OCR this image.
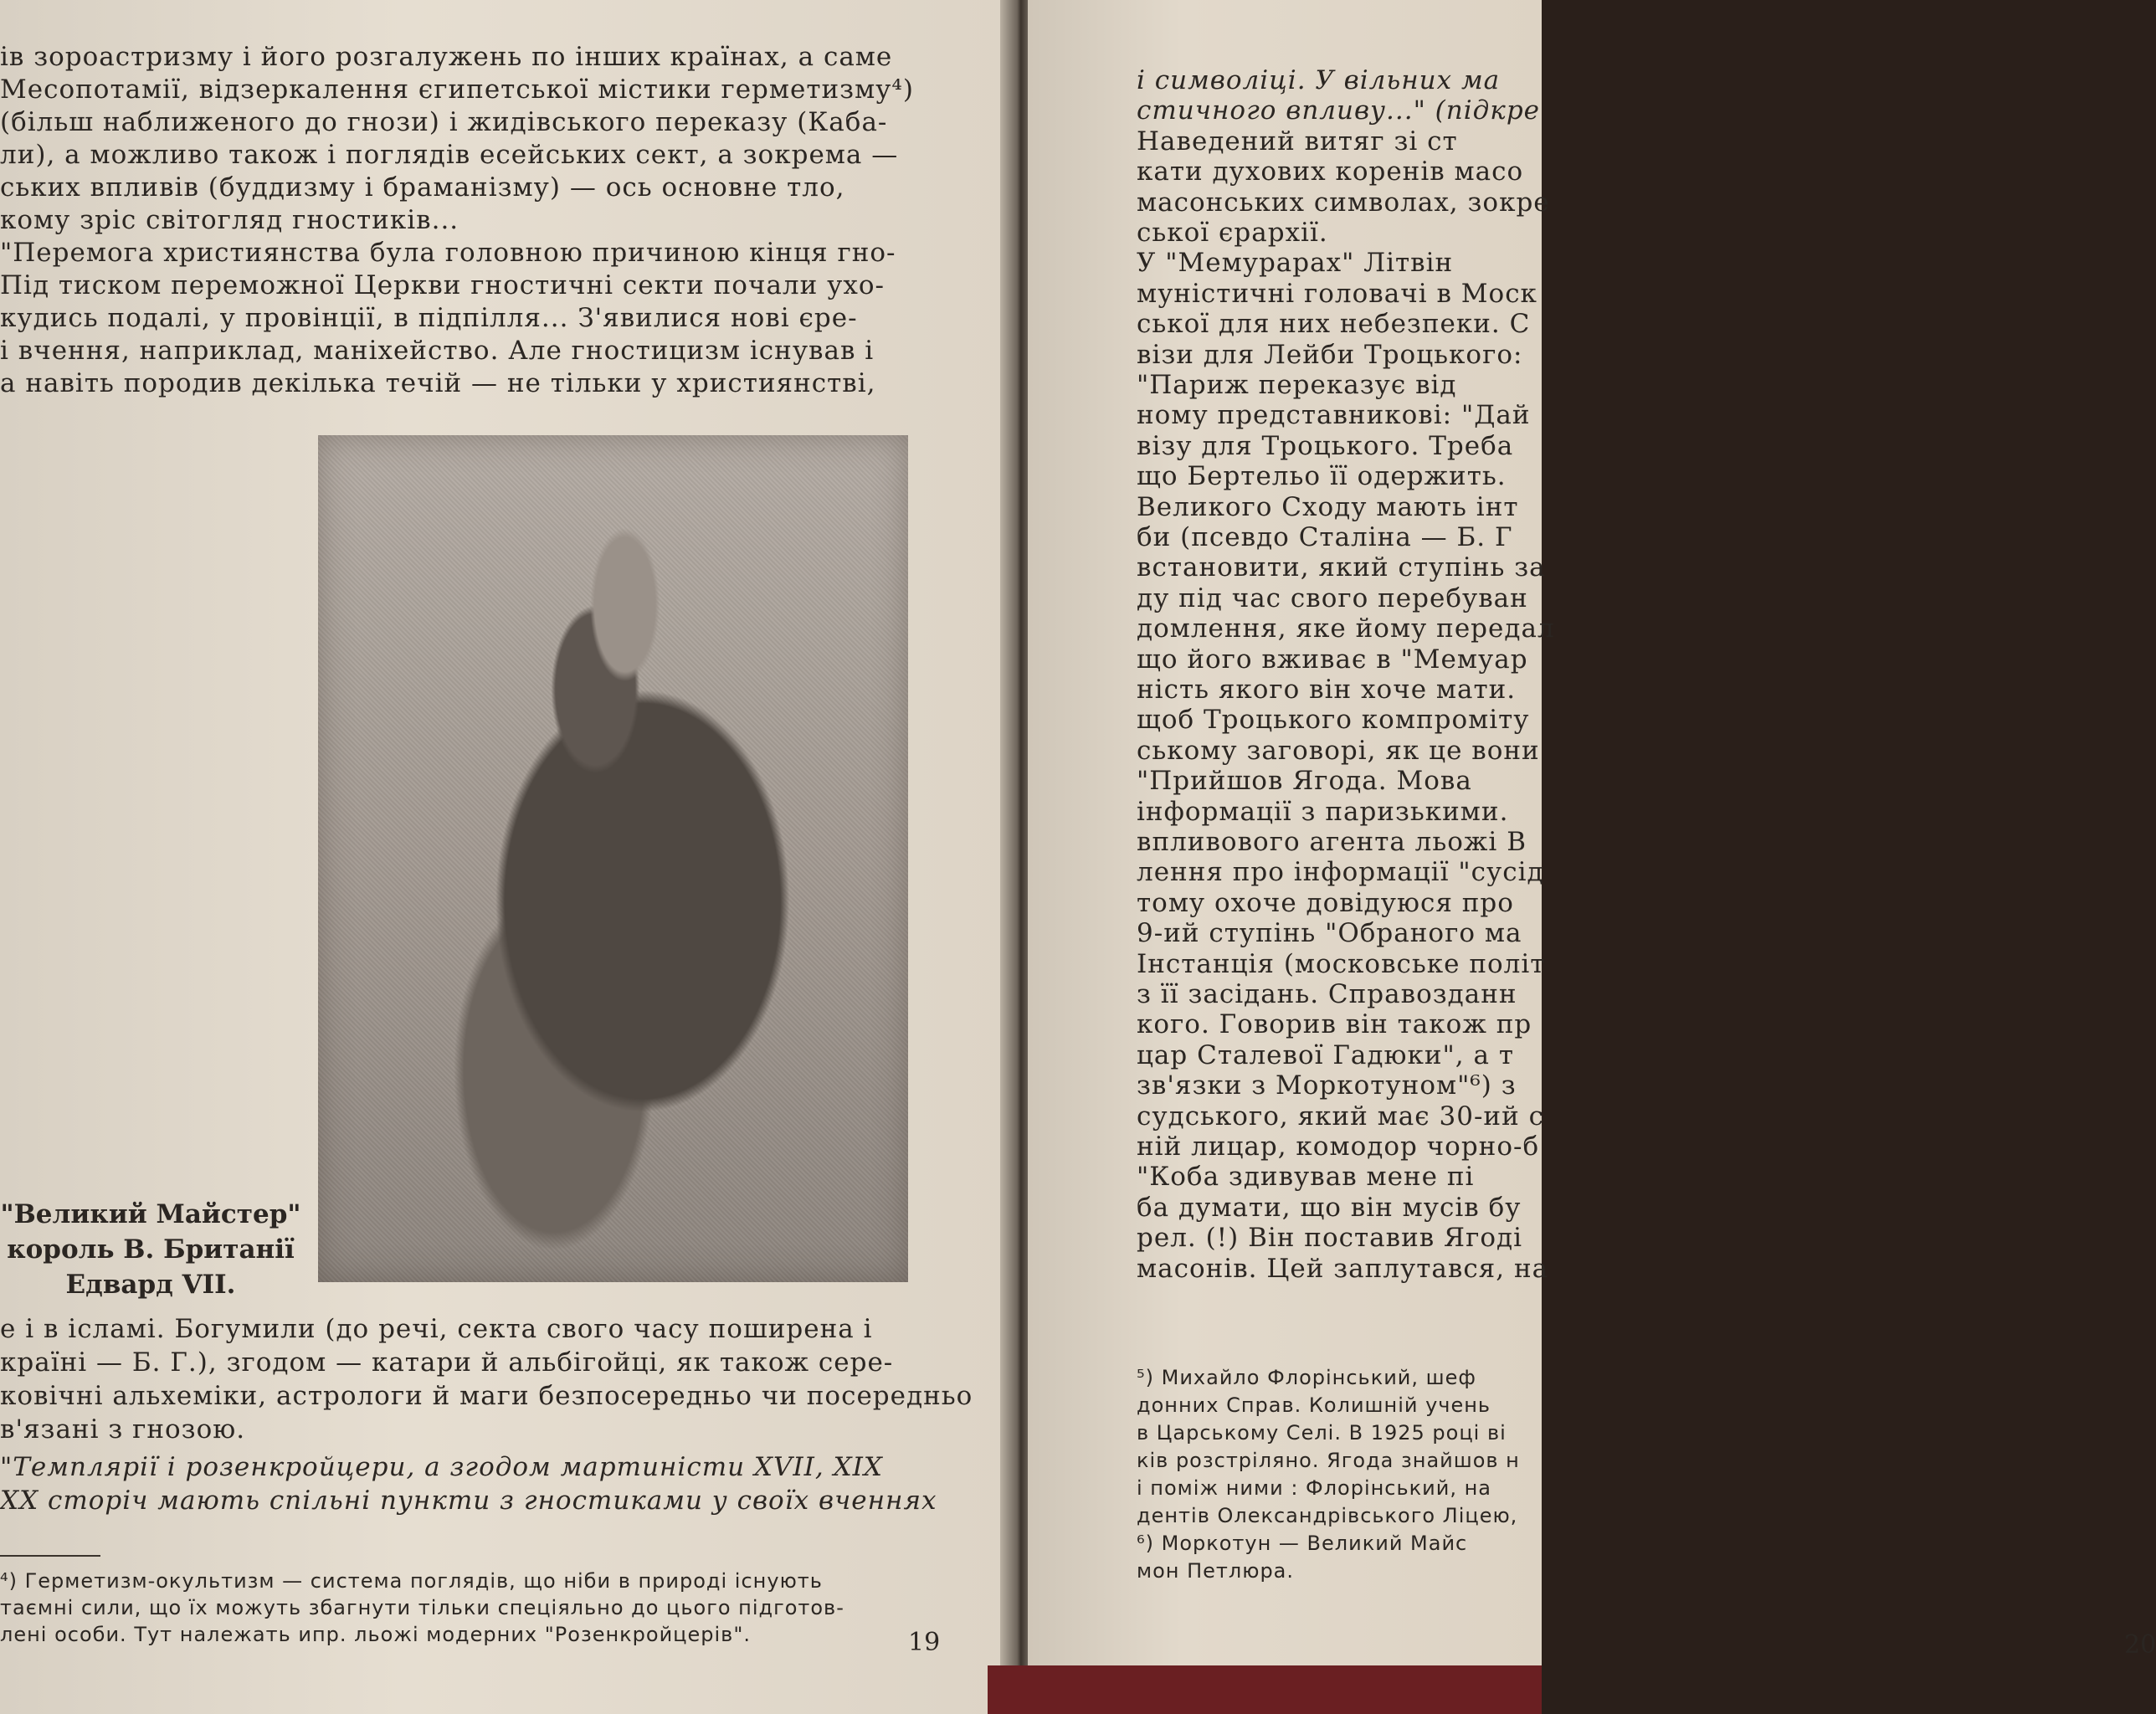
ів зороастризму і його розгалужень по інших країнах, а саме
Месопотамії, відзеркалення єгипетської містики герметизму⁴)
(більш наближеного до гнози) і жидівського переказу (Каба-
ли), а можливо також і поглядів есейських сект, а зокрема —
ських впливів (буддизму і браманізму) — ось основне тло,
кому зріс світогляд гностиків...
"Перемога християнства була головною причиною кінця гно-
Під тиском переможної Церкви гностичні секти почали ухо-
кудись подалі, у провінції, в підпілля... З'явилися нові єре-
і вчення, наприклад, маніхейство. Але гностицизм існував і
а навіть породив декілька течій — не тільки у християнстві,
"Великий Майстер"
король В. Британії
Едвард VII.
е і в ісламі. Богумили (до речі, секта свого часу поширена і
країні — Б. Г.), згодом — катари й альбігойці, як також сере-
ковічні альхеміки, астрологи й маги безпосередньо чи посередньо
в'язані з гнозою.
"Темплярії і розенкройцери, а згодом мартиністи XVII, XIX
XX сторіч мають спільні пункти з гностиками у своїх вченнях
⁴) Герметизм-окультизм — система поглядів, що ніби в природі існують
таємні сили, що їх можуть збагнути тільки спеціяльно до цього підготов-
лені особи. Тут належать ипр. льожі модерних "Розенкройцерів".	19
і символіці. У вільних ма
стичного впливу..." (підкре
Наведений витяг зі ст
кати духових коренів масо
масонських символах, зокре
ської єрархії.
У "Мемурарах" Літвін
муністичні головачі в Моск
ської для них небезпеки. С
візи для Лейби Троцького:
"Париж переказує від
ному представникові: "Дай
візу для Троцького. Треба
що Бертельо її одержить.
Великого Сходу мають інт
би (псевдо Сталіна — Б. Г
встановити, який ступінь за
ду під час свого перебуван
домлення, яке йому передал
що його вживає в "Мемуар
ність якого він хоче мати.
щоб Троцького компроміту
ському заговорі, як це вони
"Прийшов Ягода. Мова
інформації з паризькими.
впливового агента льожі В
лення про інформації "сусід
тому охоче довідуюся про
9-ий ступінь "Обраного ма
Інстанція (московське політ
з її засідань. Справозданн
кого. Говорив він також пр
цар Сталевої Гадюки", а т
зв'язки з Моркотуном"⁶) з
судського, який має 30-ий с
ній лицар, комодор чорно-б
"Коба здивував мене пі
ба думати, що він мусів бу
рел. (!) Він поставив Ягоді
масонів. Цей заплутався, на
⁵) Михайло Флорінський, шеф
донних Справ. Колишній учень
в Царському Селі. В 1925 році ві
ків розстріляно. Ягода знайшов н
і поміж ними : Флорінський, на
дентів Олександрівського Ліцею,
⁶) Моркотун — Великий Майс
мон Петлюра.
20
